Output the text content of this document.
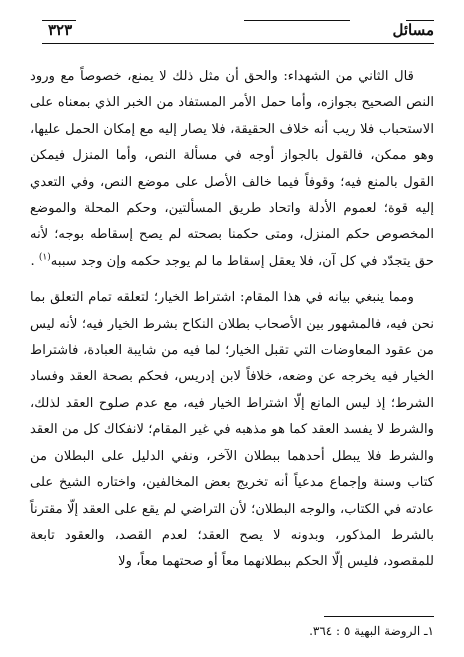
مسائل
٣٢٣

قال الثاني من الشهداء: والحق أن مثل ذلك لا يمنع، خصوصاً مع ورود النص الصحيح بجوازه، وأما حمل الأمر المستفاد من الخبر الذي بمعناه على الاستحباب فلا ريب أنه خلاف الحقيقة، فلا يصار إليه مع إمكان الحمل عليها، وهو ممكن، فالقول بالجواز أوجه في مسألة النص، وأما المنزل فيمكن القول بالمنع فيه؛ وقوفاً فيما خالف الأصل على موضع النص، وفي التعدي إليه قوة؛ لعموم الأدلة واتحاد طريق المسألتين، وحكم المحلة والموضع المخصوص حكم المنزل، ومتى حكمنا بصحته لم يصح إسقاطه بوجه؛ لأنه حق يتجدّد في كل آن، فلا يعقل إسقاط ما لم يوجد حكمه وإن وجد سببه$^{(١)}$ .

ومما ينبغي بيانه في هذا المقام: اشتراط الخيار؛ لتعلقه تمام التعلق بما نحن فيه، فالمشهور بين الأصحاب بطلان النكاح بشرط الخيار فيه؛ لأنه ليس من عقود المعاوضات التي تقبل الخيار؛ لما فيه من شايبة العبادة، فاشتراط الخيار فيه يخرجه عن وضعه، خلافاً لابن إدريس، فحكم بصحة العقد وفساد الشرط؛ إذ ليس المانع إلّا اشتراط الخيار فيه، مع عدم صلوح العقد لذلك، والشرط لا يفسد العقد كما هو مذهبه في غير المقام؛ لانفكاك كل من العقد والشرط فلا يبطل أحدهما ببطلان الآخر، ونفي الدليل على البطلان من كتاب وسنة وإجماع مدعياً أنه تخريج بعض المخالفين، واختاره الشيخ على عادته في الكتاب، والوجه البطلان؛ لأن التراضي لم يقع على العقد إلّا مقترناً بالشرط المذكور، وبدونه لا يصح العقد؛ لعدم القصد، والعقود تابعة للمقصود، فليس إلّا الحكم ببطلانهما معاً أو صحتهما معاً، ولا

١ـ الروضة البهية ٥ : ٣٦٤.
